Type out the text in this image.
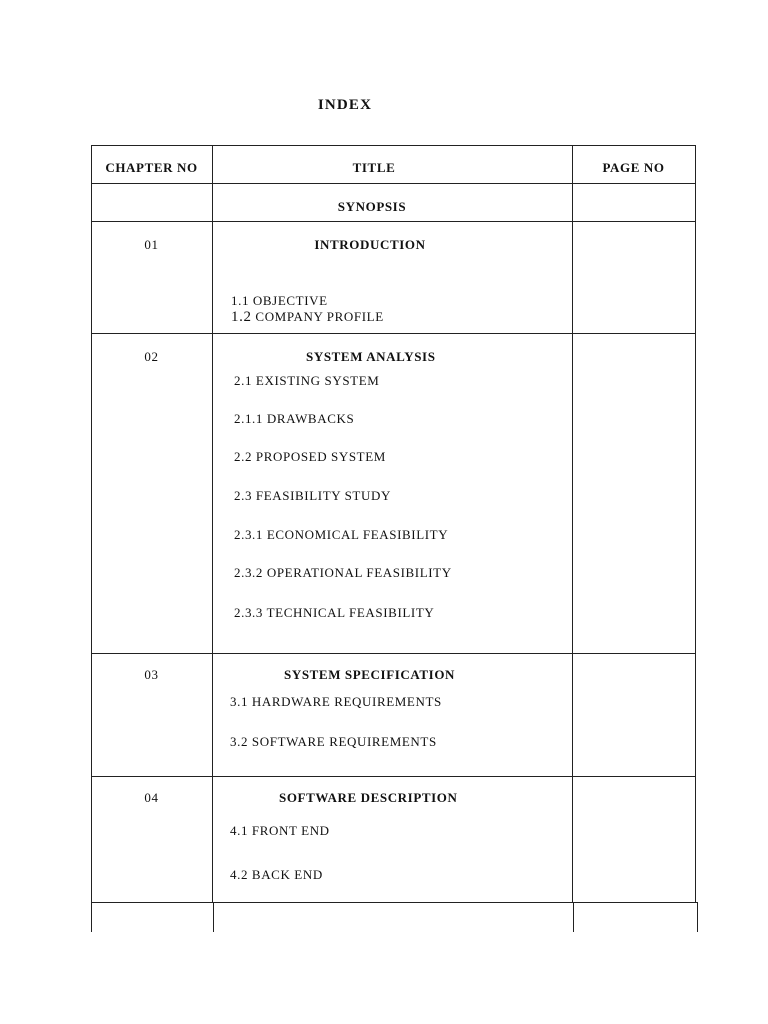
INDEX
CHAPTER NO	TITLE	PAGE NO
SYNOPSIS
01	INTRODUCTION
1.1 OBJECTIVE
1.2 COMPANY PROFILE
02	SYSTEM ANALYSIS
2.1 EXISTING SYSTEM
2.1.1 DRAWBACKS
2.2 PROPOSED SYSTEM
2.3 FEASIBILITY STUDY
2.3.1 ECONOMICAL FEASIBILITY
2.3.2 OPERATIONAL FEASIBILITY
2.3.3 TECHNICAL FEASIBILITY
03	SYSTEM SPECIFICATION
3.1 HARDWARE REQUIREMENTS
3.2 SOFTWARE REQUIREMENTS
04	SOFTWARE DESCRIPTION
4.1 FRONT END
4.2 BACK END
